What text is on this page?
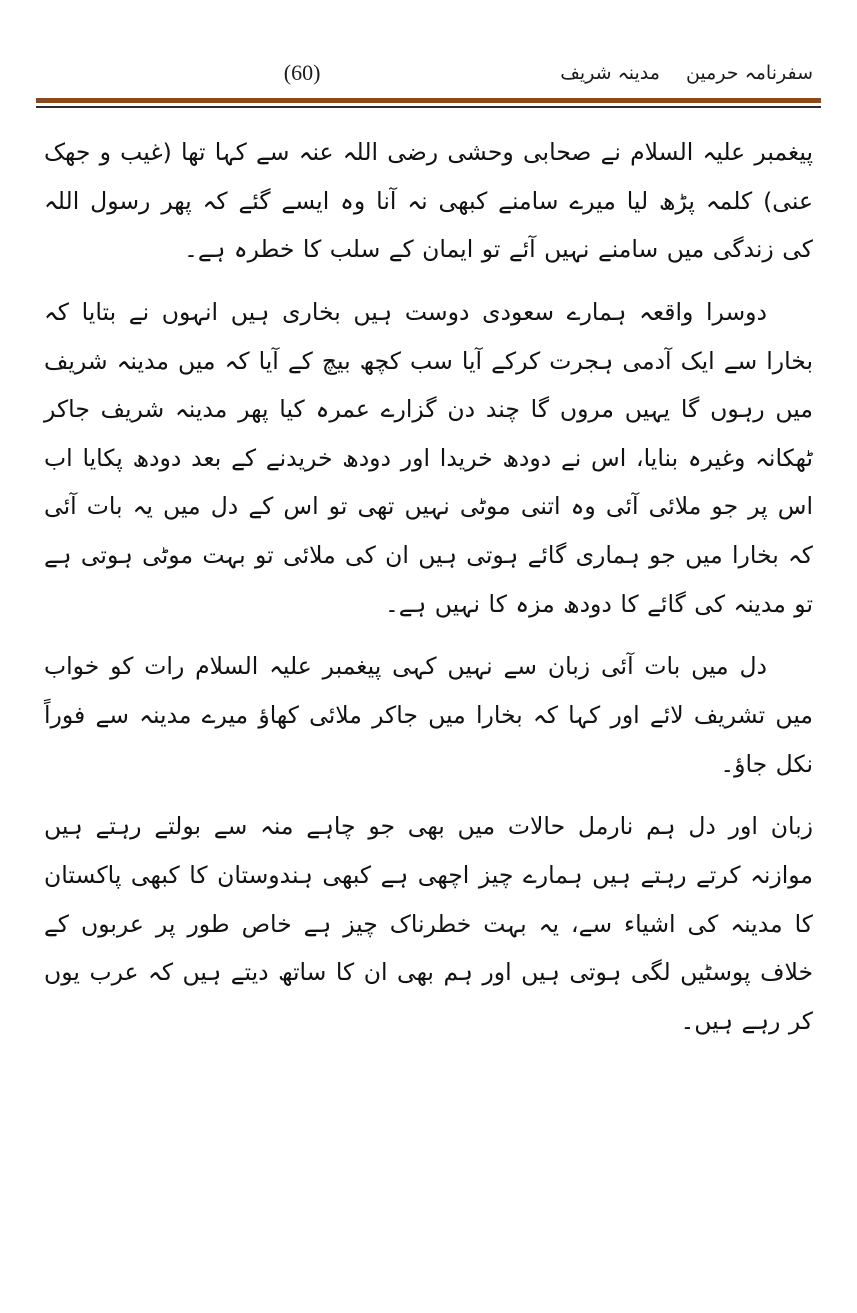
سفرنامہ حرمین
مدینہ شریف
(60)

پیغمبر علیہ السلام نے صحابی وحشی رضی اللہ عنہ سے کہا تھا (غیب و جھک عنی) کلمہ پڑھ لیا میرے سامنے کبھی نہ آنا وہ ایسے گئے کہ پھر رسول اللہ کی زندگی میں سامنے نہیں آئے تو ایمان کے سلب کا خطرہ ہے۔

دوسرا واقعہ ہمارے سعودی دوست ہیں بخاری ہیں انہوں نے بتایا کہ بخارا سے ایک آدمی ہجرت کرکے آیا سب کچھ بیچ کے آیا کہ میں مدینہ شریف میں رہوں گا یہیں مروں گا چند دن گزارے عمرہ کیا پھر مدینہ شریف جاکر ٹھکانہ وغیرہ بنایا، اس نے دودھ خریدا اور دودھ خریدنے کے بعد دودھ پکایا اب اس پر جو ملائی آئی وہ اتنی موٹی نہیں تھی تو اس کے دل میں یہ بات آئی کہ بخارا میں جو ہماری گائے ہوتی ہیں ان کی ملائی تو بہت موٹی ہوتی ہے تو مدینہ کی گائے کا دودھ مزہ کا نہیں ہے۔

دل میں بات آئی زبان سے نہیں کہی پیغمبر علیہ السلام رات کو خواب میں تشریف لائے اور کہا کہ بخارا میں جاکر ملائی کھاؤ میرے مدینہ سے فوراً نکل جاؤ۔

زبان اور دل ہم نارمل حالات میں بھی جو چاہے منہ سے بولتے رہتے ہیں موازنہ کرتے رہتے ہیں ہمارے چیز اچھی ہے کبھی ہندوستان کا کبھی پاکستان کا مدینہ کی اشیاء سے، یہ بہت خطرناک چیز ہے خاص طور پر عربوں کے خلاف پوسٹیں لگی ہوتی ہیں اور ہم بھی ان کا ساتھ دیتے ہیں کہ عرب یوں کر رہے ہیں۔
